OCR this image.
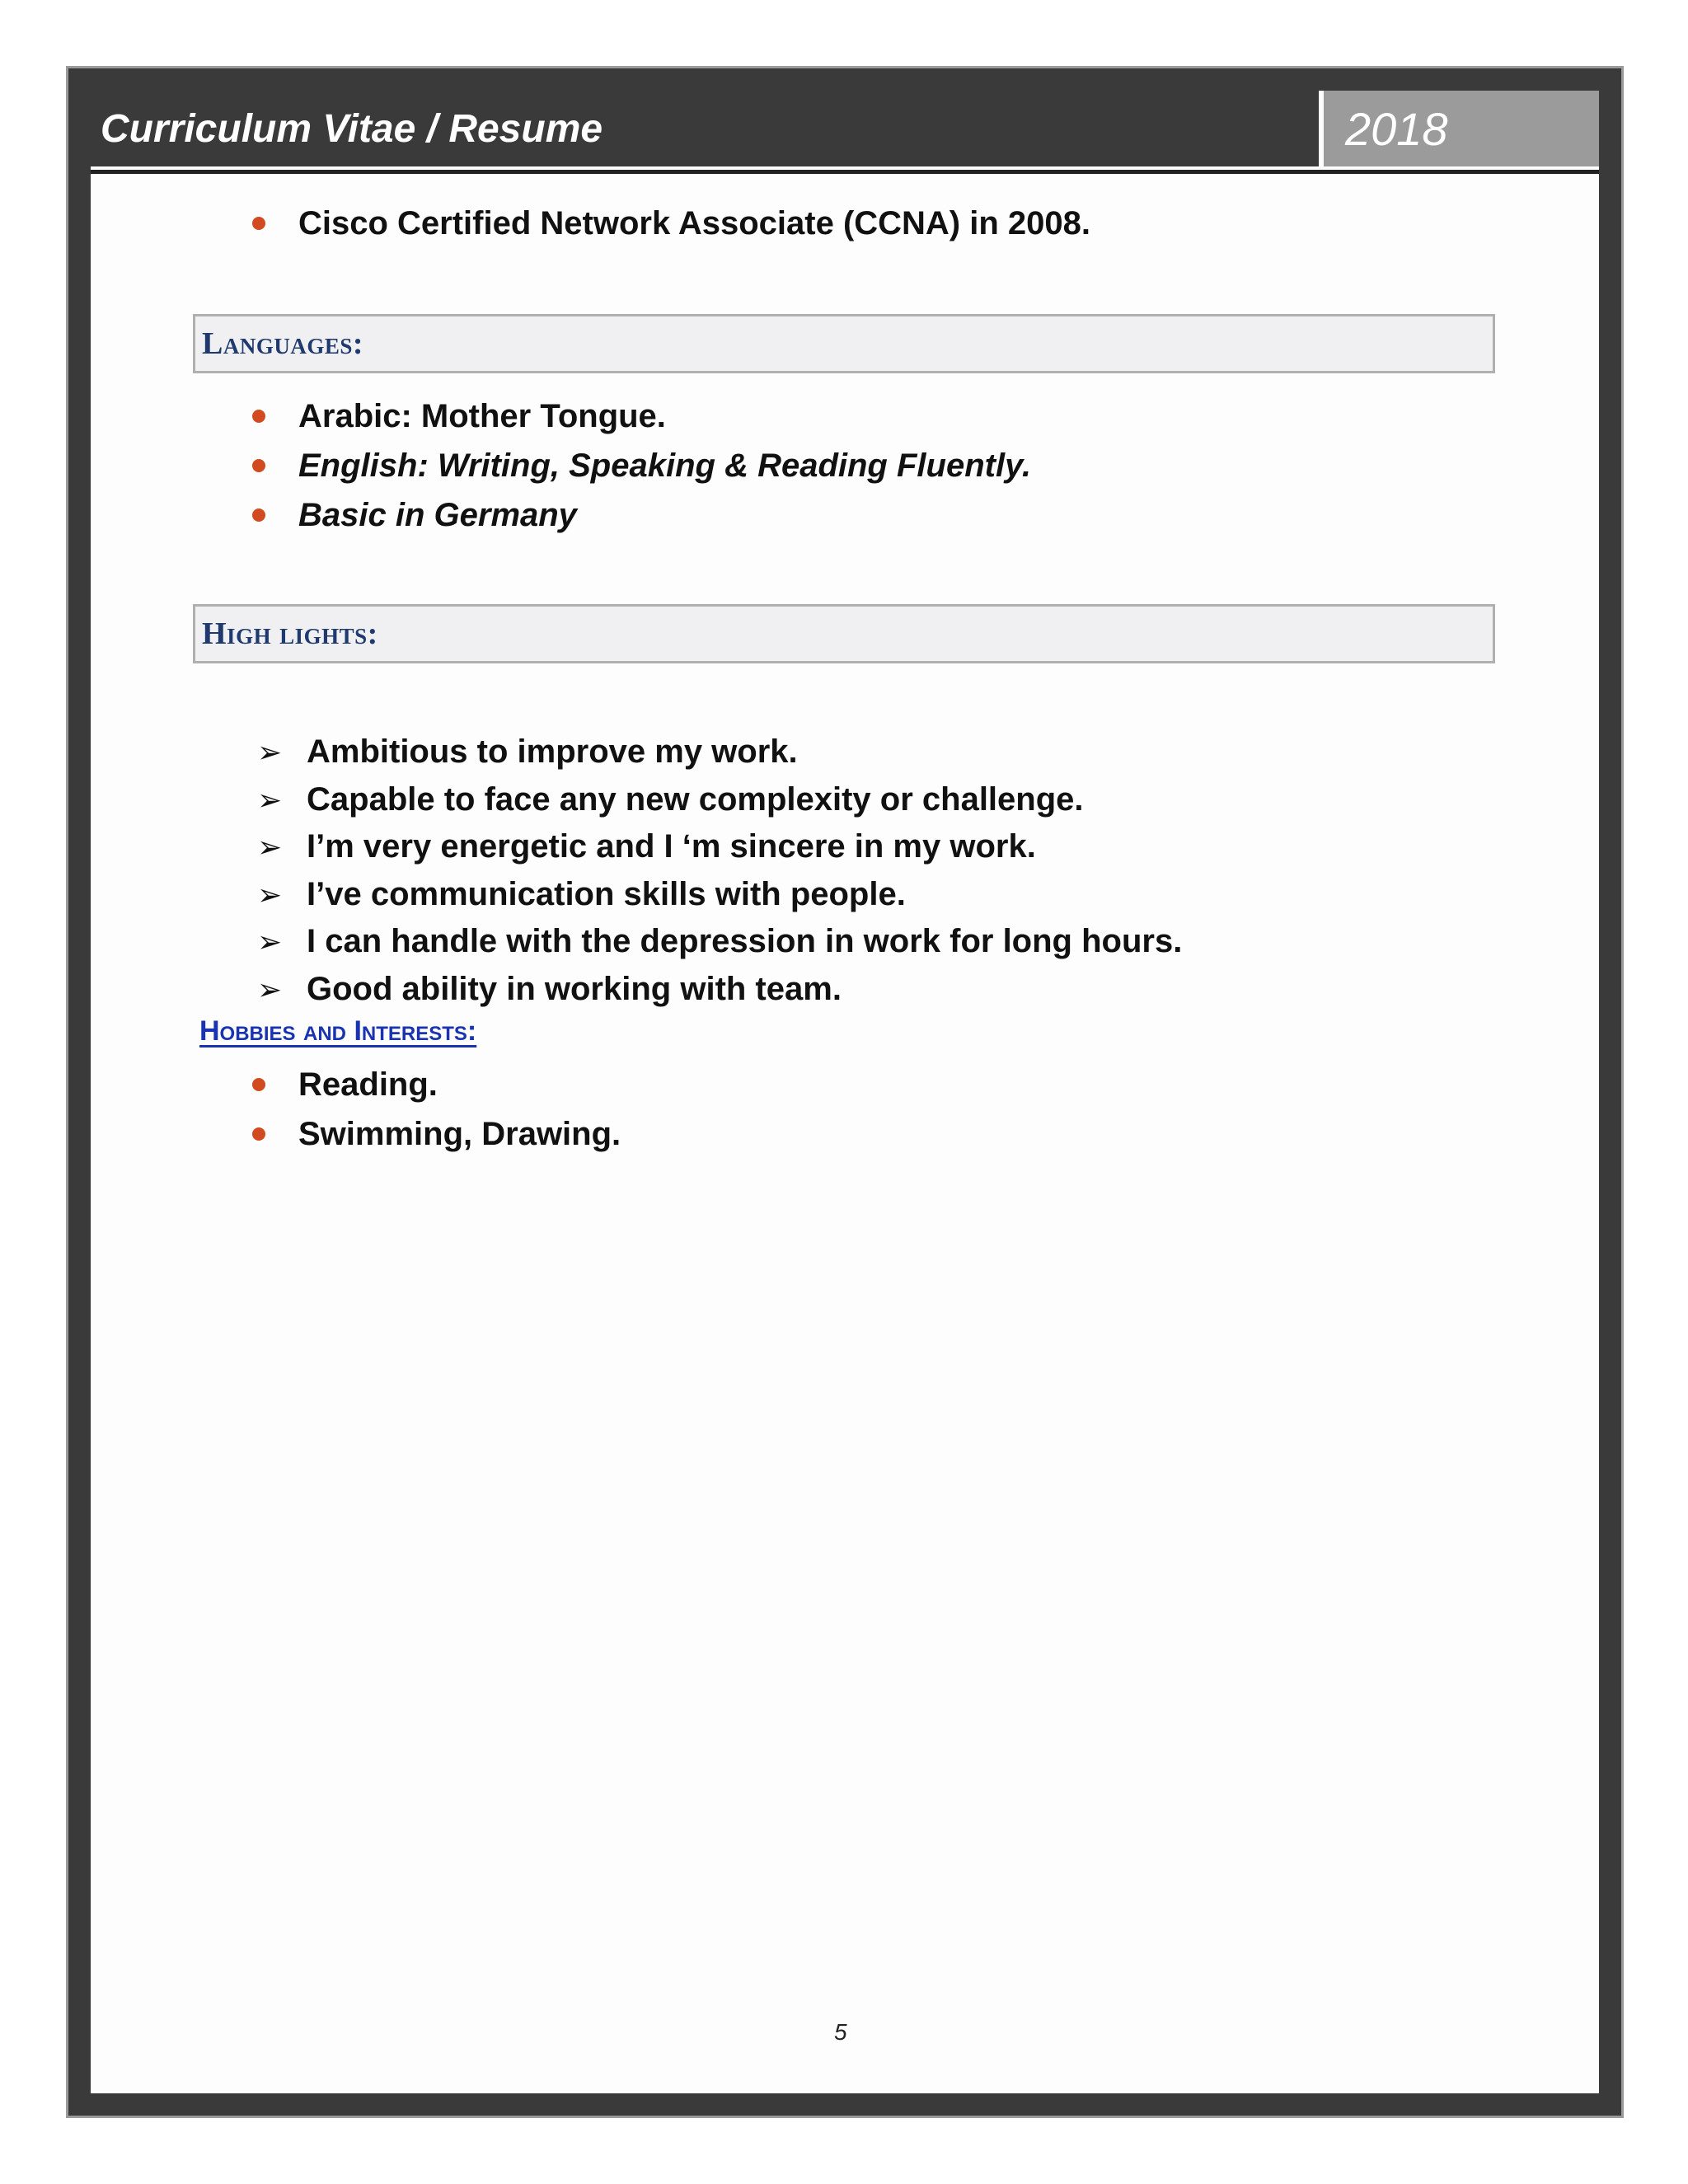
Curriculum Vitae / Resume	2018
Cisco Certified Network Associate (CCNA) in 2008.
Languages:
Arabic: Mother Tongue.
English: Writing, Speaking & Reading Fluently.
Basic in Germany
High lights:
➢ Ambitious to improve my work.
➢ Capable to face any new complexity or challenge.
➢ I’m very energetic and I ‘m sincere in my work.
➢ I’ve communication skills with people.
➢ I can handle with the depression in work for long hours.
➢ Good ability in working with team.
Hobbies and Interests:
Reading.
Swimming, Drawing.
5
